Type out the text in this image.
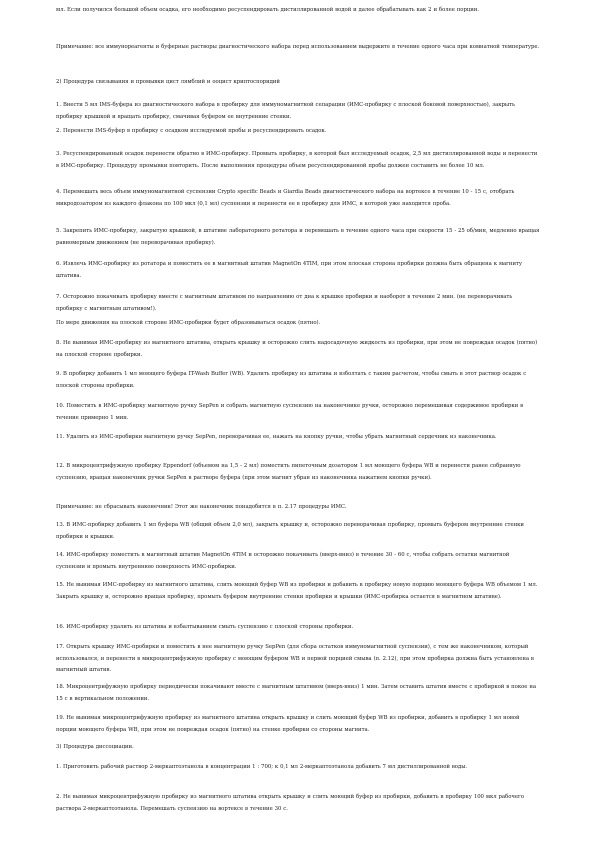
мл. Если получился большой объем осадка, его необходимо ресуспендировать дистиллированной водой и далее обрабатывать как 2 и более порции.

Примечание: все иммунореагенты и буферные растворы диагностического набора перед использованием выдержите в течение одного часа при комнатной температуре.

2) Процедура связывания и промывки цист лямблий и ооцист криптоспоридий

1. Внести 5 мл IMS-буфера из диагностического набора в пробирку для иммуномагнитной сепарации (ИМС-пробирку с плоской боковой поверхностью), закрыть пробирку крышкой и вращать пробирку, смачивая буфером ее внутренние стенки.

2. Перенести IMS-буфер в пробирку с осадком исследуемой пробы и ресуспендировать осадок.

3. Ресуспендированный осадок перенести обратно в ИМС-пробирку. Промыть пробирку, в которой был исследуемый осадок, 2,5 мл дистиллированной воды и перенести в ИМС-пробирку. Процедуру промывки повторить. После выполнения процедуры объем ресуспендированной пробы должен составить не более 10 мл.

4. Перемешать весь объем иммуномагнитной суспензии Crypto specific Beads и Giardia Beads диагностического набора на вортексе в течение 10 - 15 с, отобрать микродозатором из каждого флакона по 100 мкл (0,1 мл) суспензии и перенести ее в пробирку для ИМС, в которой уже находится проба.

5. Закрепить ИМС-пробирку, закрытую крышкой, в штативе лабораторного ротатора и перемешать в течение одного часа при скорости 15 - 25 об/мин, медленно вращая равномерным движением (не переворачивая пробирку).

6. Извлечь ИМС-пробирку из ротатора и поместить ее в магнитный штатив MagnetOn 4TIM, при этом плоская сторона пробирки должна быть обращена к магниту штатива.

7. Осторожно покачивать пробирку вместе с магнитным штативом по направлению от дна к крышке пробирки и наоборот в течение 2 мин. (не переворачивать пробирку с магнитным штативом!).

По мере движения на плоской стороне ИМС-пробирки будет образовываться осадок (пятно).

8. Не вынимая ИМС-пробирку из магнитного штатива, открыть крышку и осторожно слить надосадочную жидкость из пробирки, при этом не повреждая осадок (пятно) на плоской стороне пробирки.

9. В пробирку добавить 1 мл моющего буфера IT-Wash Buffer (WB). Удалить пробирку из штатива и взболтать с таким расчетом, чтобы смыть в этот раствор осадок с плоской стороны пробирки.

10. Поместить в ИМС-пробирку магнитную ручку SepPen и собрать магнитную суспензию на наконечнике ручки, осторожно перемешивая содержимое пробирки в течение примерно 1 мин.

11. Удалить из ИМС-пробирки магнитную ручку SepPen, переворачивая ее, нажать на кнопку ручки, чтобы убрать магнитный сердечник из наконечника.

12. В микроцентрифужную пробирку Eppendorf (объемом на 1,5 - 2 мл) поместить пипеточным дозатором 1 мл моющего буфера WB и перенести ранее собранную суспензию, вращая наконечник ручки SepPen в растворе буфера (при этом магнит убран из наконечника нажатием кнопки ручки).

Примечание: не сбрасывать наконечник! Этот же наконечник понадобится в п. 2.17 процедуры ИМС.

13. В ИМС-пробирку добавить 1 мл буфера WB (общий объем 2,0 мл), закрыть крышку и, осторожно переворачивая пробирку, промыть буфером внутренние стенки пробирки и крышки.

14. ИМС-пробирку поместить в магнитный штатив MagnetOn 4TIM и осторожно покачивать (вверх-вниз) в течение 30 - 60 с, чтобы собрать остатки магнитной суспензии и промыть внутреннюю поверхность ИМС-пробирки.

15. Не вынимая ИМС-пробирку из магнитного штатива, слить моющий буфер WB из пробирки и добавить в пробирку новую порцию моющего буфера WB объемом 1 мл. Закрыть крышку и, осторожно вращая пробирку, промыть буфером внутренние стенки пробирки и крышки (ИМС-пробирка остается в магнитном штативе).

16. ИМС-пробирку удалить из штатива и взбалтыванием смыть суспензию с плоской стороны пробирки.

17. Открыть крышку ИМС-пробирки и поместить в нее магнитную ручку SepPen (для сбора остатков иммуномагнитной суспензии), с тем же наконечником, который использовался, и перенести в микроцентрифужную пробирку с моющим буфером WB и первой порцией смыва (п. 2.12), при этом пробирка должна быть установлена в магнитный штатив.

18. Микроцентрифужную пробирку периодически покачивают вместе с магнитным штативом (вверх-вниз) 1 мин. Затем оставить штатив вместе с пробиркой в покое на 15 с в вертикальном положении.

19. Не вынимая микроцентрифужную пробирку из магнитного штатива открыть крышку и слить моющий буфер WB из пробирки, добавить в пробирку 1 мл новой порции моющего буфера WB, при этом не повреждая осадок (пятно) на стенке пробирки со стороны магнита.

3) Процедура диссоциации.

1. Приготовить рабочий раствор 2-меркаптоэтанола в концентрации 1 : 700; к 0,1 мл 2-меркаптоэтанола добавить 7 мл дистиллированной воды.

2. Не вынимая микроцентрифужную пробирку из магнитного штатива открыть крышку и слить моющий буфер из пробирки, добавить в пробирку 100 мкл рабочего раствора 2-меркаптоэтанола. Перемешать суспензию на вортексе в течение 30 с.
